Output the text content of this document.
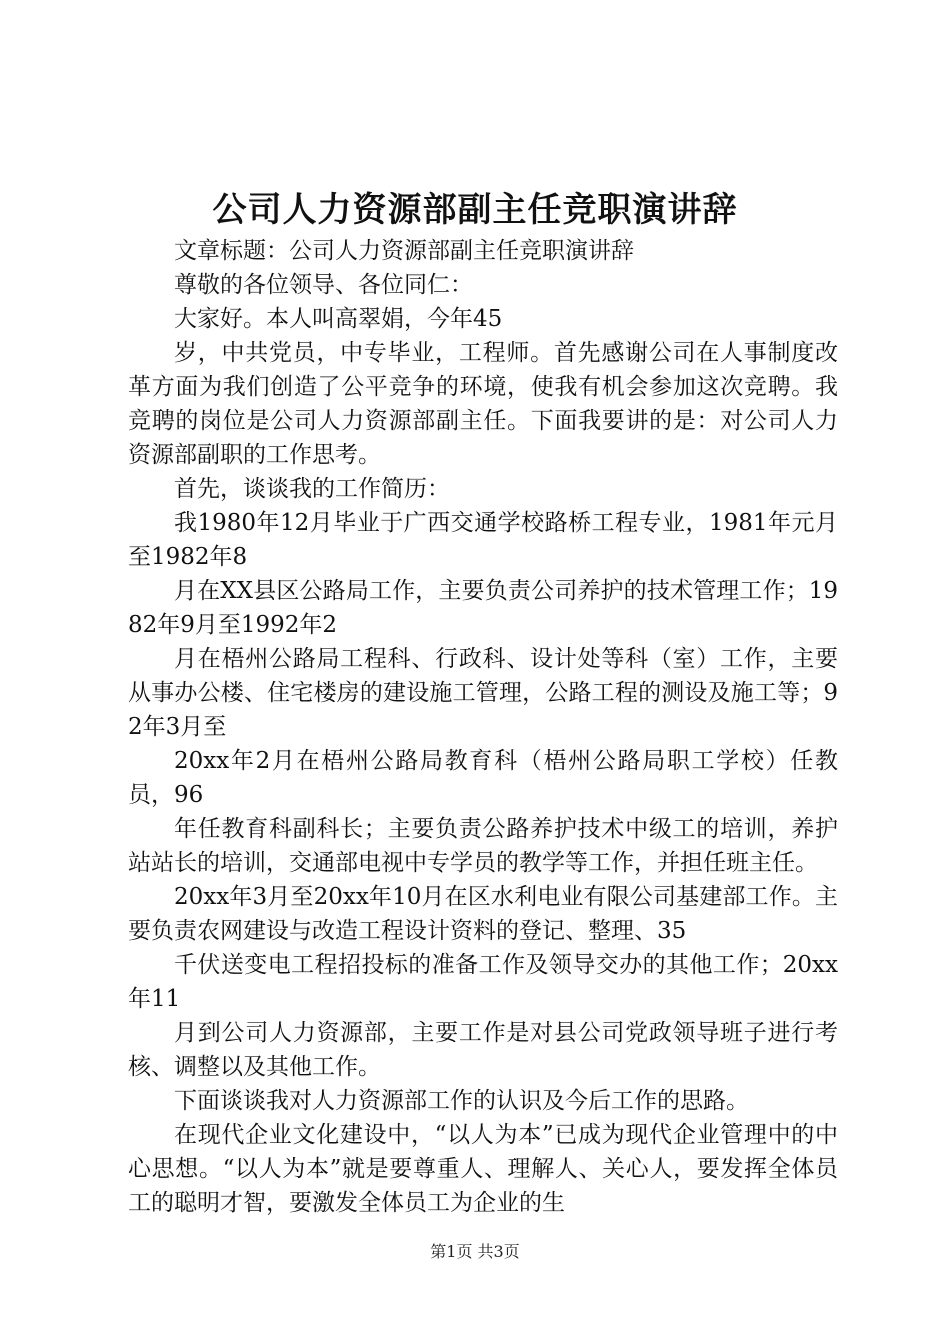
公司人力资源部副主任竞职演讲辞

文章标题：公司人力资源部副主任竞职演讲辞

尊敬的各位领导、各位同仁：

大家好。本人叫高翠娟，今年45

岁，中共党员，中专毕业，工程师。首先感谢公司在人事制度改革方面为我们创造了公平竞争的环境，使我有机会参加这次竞聘。我竞聘的岗位是公司人力资源部副主任。下面我要讲的是：对公司人力资源部副职的工作思考。

首先，谈谈我的工作简历：

我1980年12月毕业于广西交通学校路桥工程专业，1981年元月至1982年8

月在XX县区公路局工作，主要负责公司养护的技术管理工作；1982年9月至1992年2

月在梧州公路局工程科、行政科、设计处等科（室）工作，主要从事办公楼、住宅楼房的建设施工管理，公路工程的测设及施工等；92年3月至

20xx年2月在梧州公路局教育科（梧州公路局职工学校）任教员，96

年任教育科副科长；主要负责公路养护技术中级工的培训，养护站站长的培训，交通部电视中专学员的教学等工作，并担任班主任。

20xx年3月至20xx年10月在区水利电业有限公司基建部工作。主要负责农网建设与改造工程设计资料的登记、整理、35

千伏送变电工程招投标的准备工作及领导交办的其他工作；20xx年11

月到公司人力资源部，主要工作是对县公司党政领导班子进行考核、调整以及其他工作。

下面谈谈我对人力资源部工作的认识及今后工作的思路。

在现代企业文化建设中，“以人为本”已成为现代企业管理中的中心思想。“以人为本”就是要尊重人、理解人、关心人，要发挥全体员工的聪明才智，要激发全体员工为企业的生

第1页 共3页
